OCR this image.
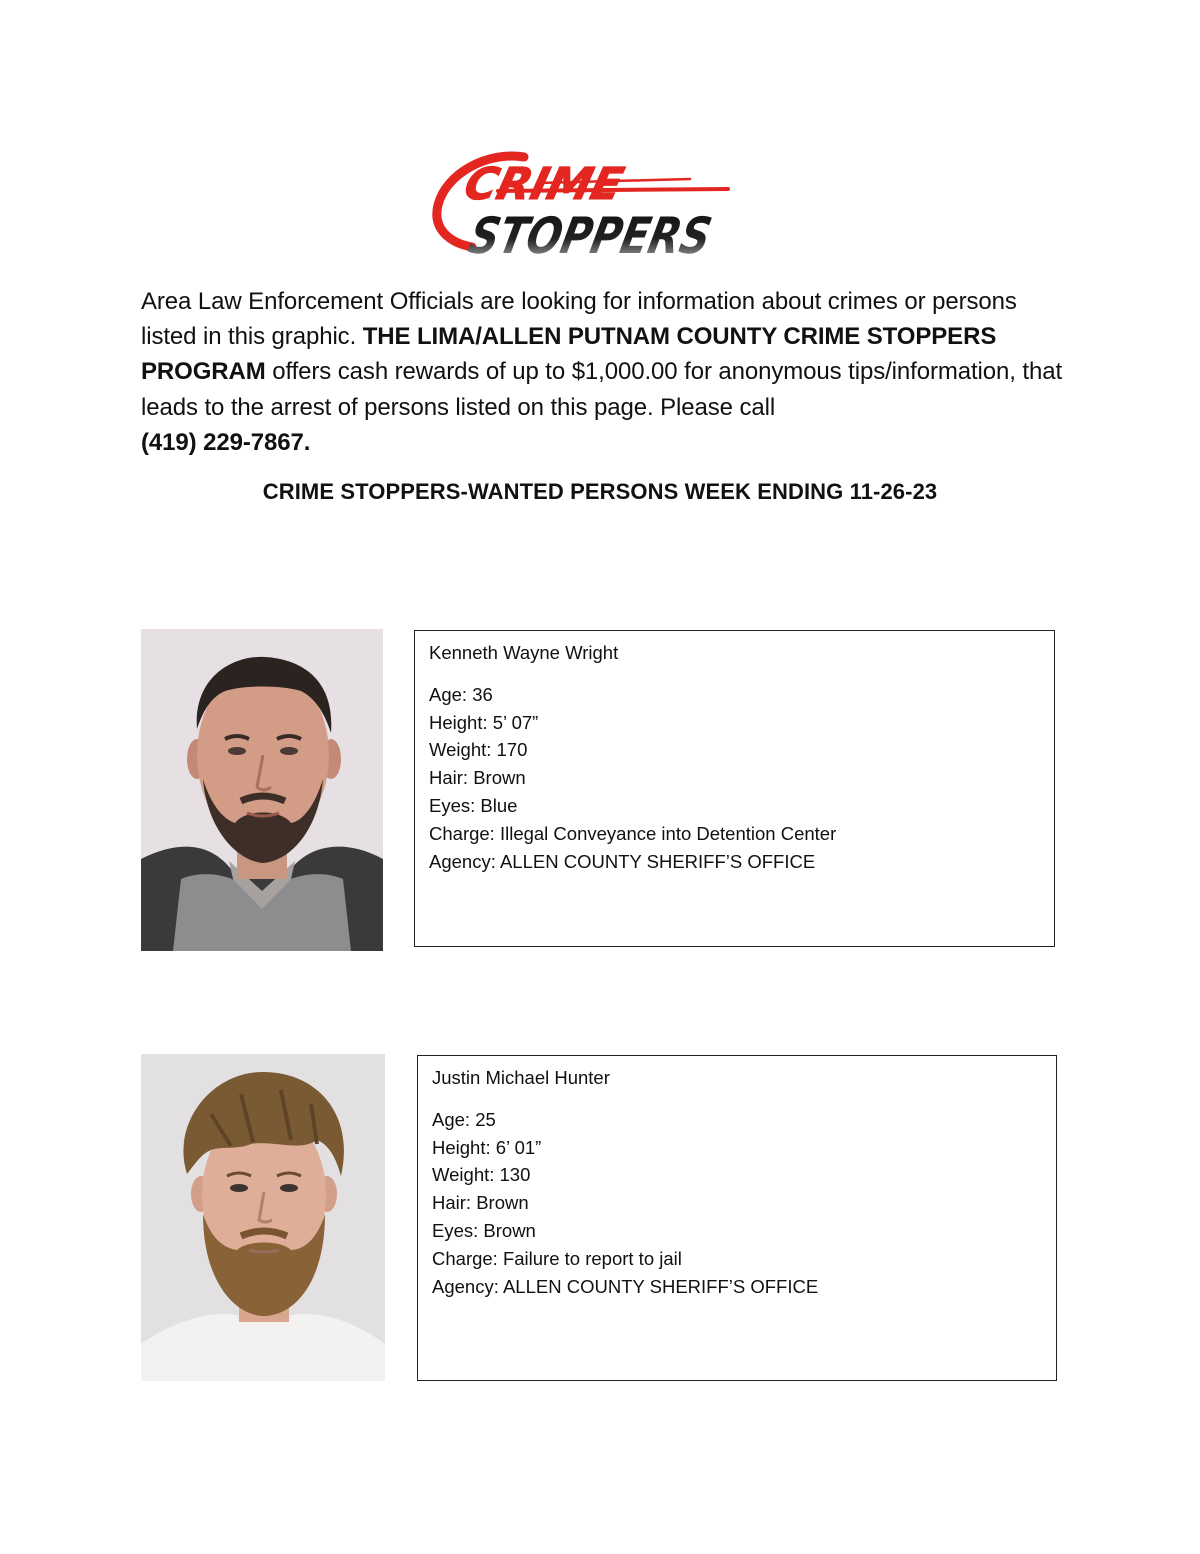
CRIME
STOPPERS
Area Law Enforcement Officials are looking for information about crimes or persons listed in this graphic. THE LIMA/ALLEN PUTNAM COUNTY CRIME STOPPERS PROGRAM offers cash rewards of up to $1,000.00 for anonymous tips/information, that leads to the arrest of persons listed on this page. Please call
(419) 229-7867.
CRIME STOPPERS-WANTED PERSONS WEEK ENDING 11-26-23
Kenneth Wayne Wright
Age: 36
Height: 5’ 07”
Weight: 170
Hair: Brown
Eyes: Blue
Charge: Illegal Conveyance into Detention Center
Agency: ALLEN COUNTY SHERIFF’S OFFICE
Justin Michael Hunter
Age: 25
Height: 6’ 01”
Weight: 130
Hair: Brown
Eyes: Brown
Charge: Failure to report to jail
Agency: ALLEN COUNTY SHERIFF’S OFFICE
